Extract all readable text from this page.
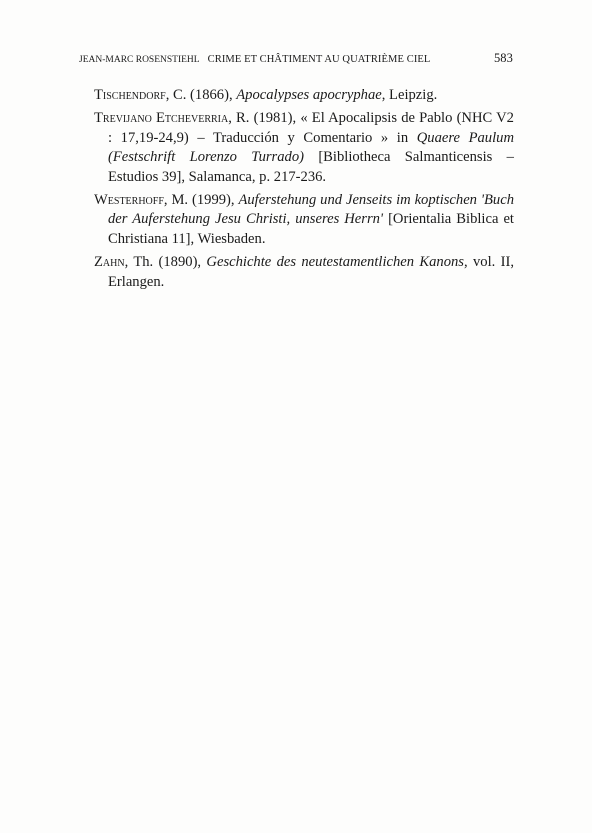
JEAN-MARC ROSENSTIEHL CRIME ET CHÂTIMENT AU QUATRIÈME CIEL	583
Tischendorf, C. (1866), Apocalypses apocryphae, Leipzig.
Trevijano Etcheverria, R. (1981), « El Apocalipsis de Pablo (NHC V2 : 17,19-24,9) – Traducción y Comentario » in Quaere Paulum (Festschrift Lorenzo Turrado) [Bibliotheca Salmanticensis – Estudios 39], Salamanca, p. 217-236.
Westerhoff, M. (1999), Auferstehung und Jenseits im koptischen 'Buch der Auferstehung Jesu Christi, unseres Herrn' [Orientalia Biblica et Christiana 11], Wiesbaden.
Zahn, Th. (1890), Geschichte des neutestamentlichen Kanons, vol. II, Erlangen.
